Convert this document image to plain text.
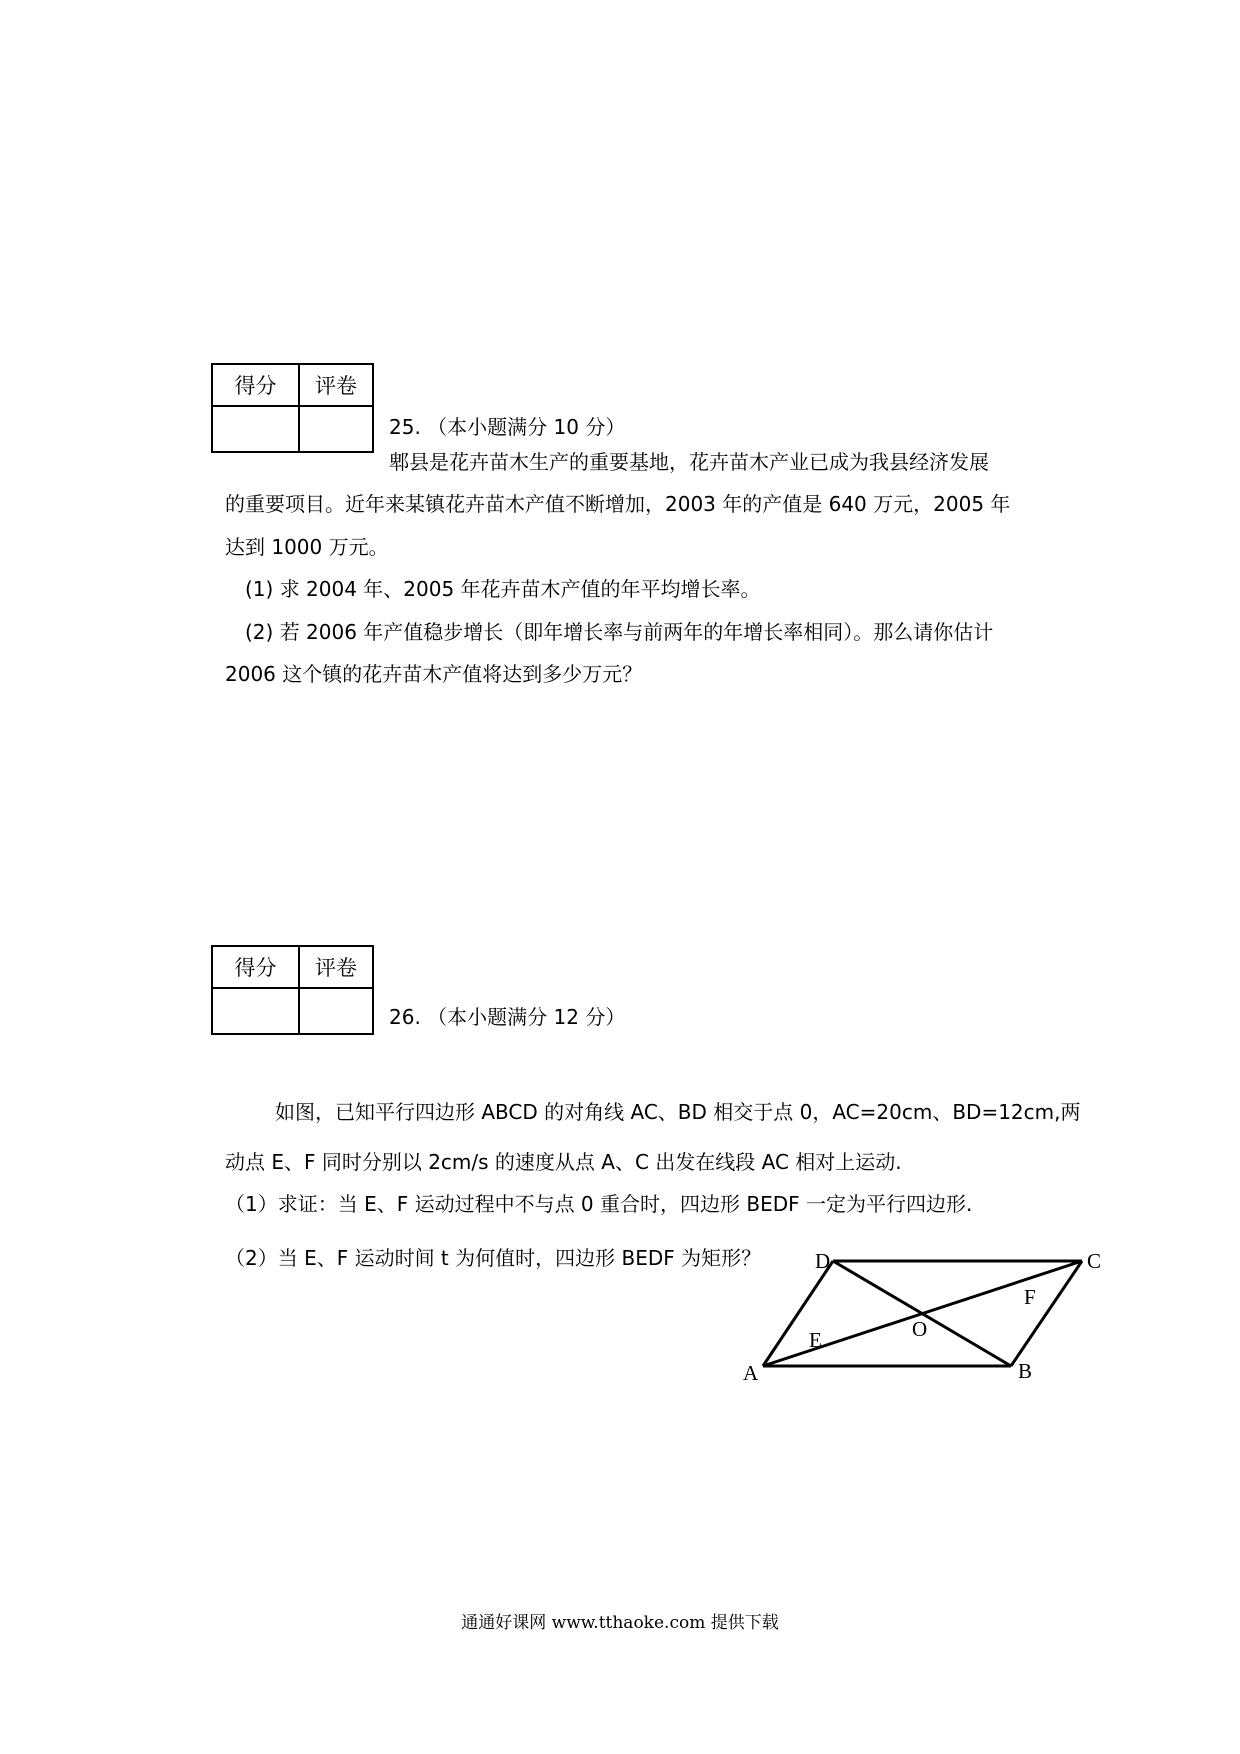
得分	评卷

25. （本小题满分 10 分）
郫县是花卉苗木生产的重要基地，花卉苗木产业已成为我县经济发展
的重要项目。近年来某镇花卉苗木产值不断增加，2003 年的产值是 640 万元，2005 年
达到 1000 万元。
(1) 求 2004 年、2005 年花卉苗木产值的年平均增长率。
(2) 若 2006 年产值稳步增长（即年增长率与前两年的年增长率相同）。那么请你估计
2006 这个镇的花卉苗木产值将达到多少万元？
得分	评卷

26. （本小题满分 12 分）
如图，已知平行四边形 ABCD 的对角线 AC、BD 相交于点 0，AC=20cm、BD=12cm,两
动点 E、F 同时分别以 2cm/s 的速度从点 A、C 出发在线段 AC 相对上运动.
（1）求证：当 E、F 运动过程中不与点 0 重合时，四边形 BEDF 一定为平行四边形.
（2）当 E、F 运动时间 t 为何值时，四边形 BEDF 为矩形？
A	B
C
D
E
F
O
通通好课网 www.tthaoke.com 提供下载
